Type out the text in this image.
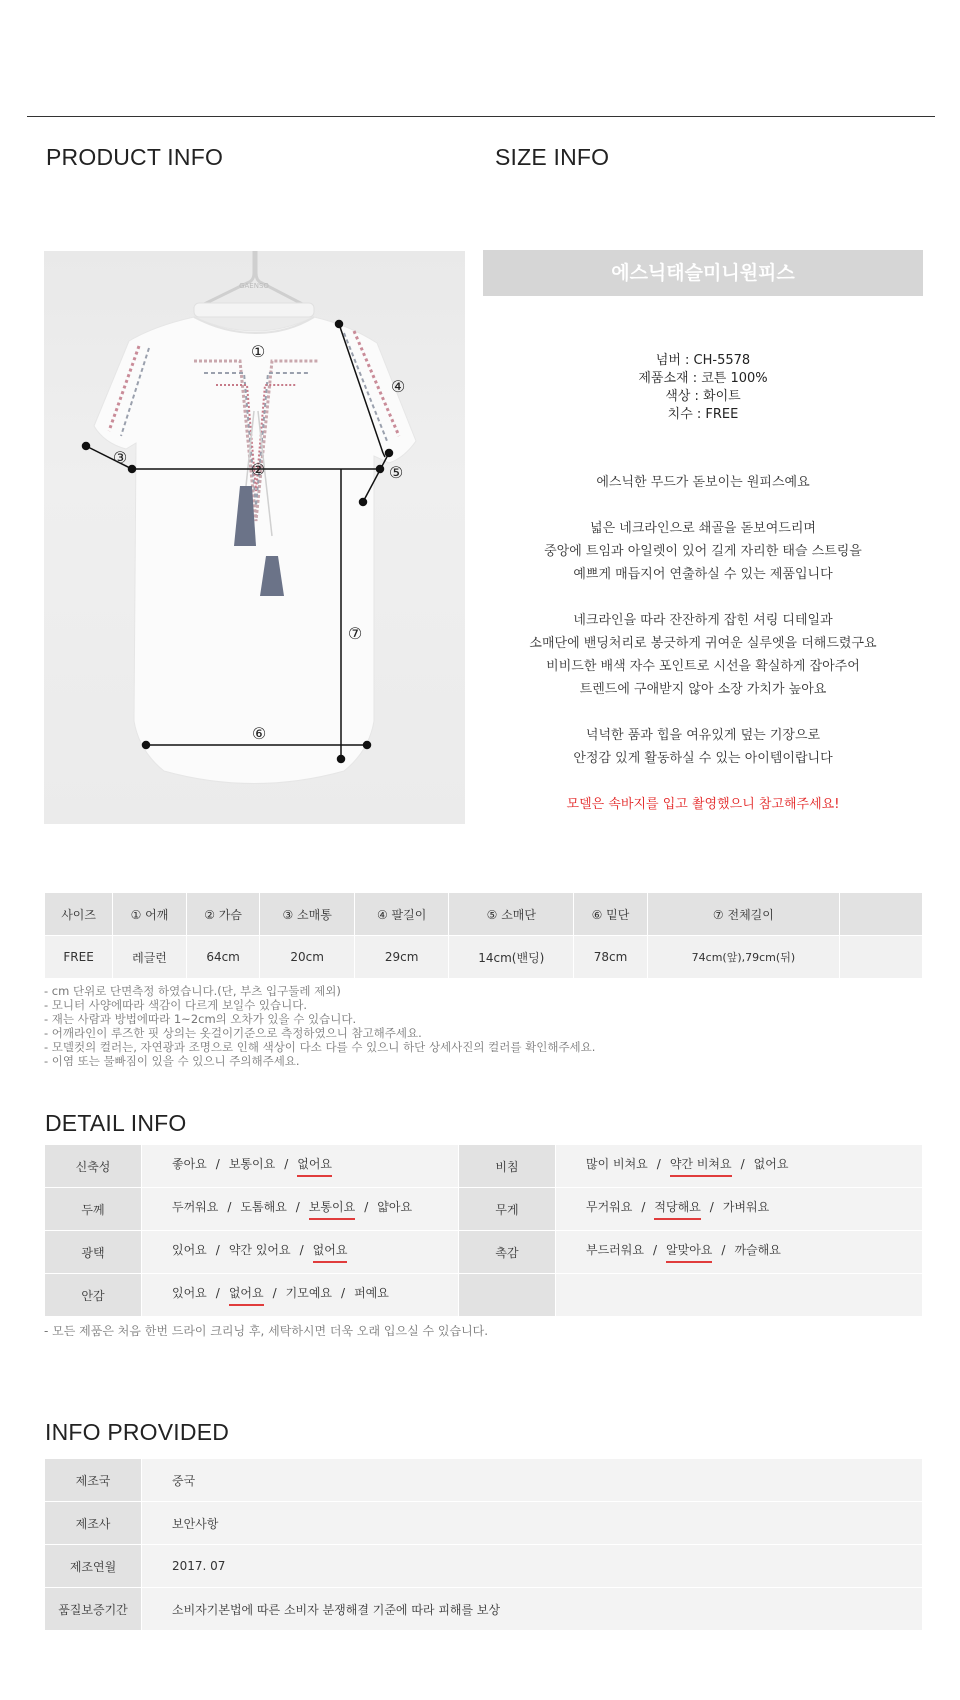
PRODUCT INFO	SIZE INFO
GAENSO
①
②
③
④
⑤
⑥
⑦
에스닉태슬미니원피스
넘버 : CH-5578
제품소재 : 코튼 100%
색상 : 화이트
치수 : FREE
에스닉한 무드가 돋보이는 원피스예요
넓은 네크라인으로 쇄골을 돋보여드리며
중앙에 트임과 아일렛이 있어 길게 자리한 태슬 스트링을
예쁘게 매듭지어 연출하실 수 있는 제품입니다
네크라인을 따라 잔잔하게 잡힌 셔링 디테일과
소매단에 밴딩처리로 봉긋하게 귀여운 실루엣을 더해드렸구요
비비드한 배색 자수 포인트로 시선을 확실하게 잡아주어
트렌드에 구애받지 않아 소장 가치가 높아요
넉넉한 품과 힙을 여유있게 덮는 기장으로
안정감 있게 활동하실 수 있는 아이템이랍니다
모델은 속바지를 입고 촬영했으니 참고해주세요!
사이즈	① 어깨	② 가슴	③ 소매통	④ 팔길이	⑤ 소매단	⑥ 밑단	⑦ 전체길이	
FREE	레글런	64cm	20cm	29cm	14cm(밴딩)	78cm	74cm(앞),79cm(뒤)	
- cm 단위로 단면측정 하였습니다.(단, 부츠 입구둘레 제외)
- 모니터 사양에따라 색감이 다르게 보일수 있습니다.
- 재는 사람과 방법에따라 1~2cm의 오차가 있을 수 있습니다.
- 어깨라인이 루즈한 핏 상의는 옷걸이기준으로 측정하였으니 참고해주세요.
- 모델컷의 컬러는, 자연광과 조명으로 인해 색상이 다소 다를 수 있으니 하단 상세사진의 컬러를 확인해주세요.
- 이염 또는 물빠짐이 있을 수 있으니 주의해주세요.
DETAIL INFO
신축성	좋아요 / 보통이요 / 없어요	비침	많이 비쳐요 / 약간 비쳐요 / 없어요
두께	두꺼워요 / 도톰해요 / 보통이요 / 얇아요	무게	무거워요 / 적당해요 / 가벼워요
광택	있어요 / 약간 있어요 / 없어요	촉감	부드러워요 / 알맞아요 / 까슬해요
안감	있어요 / 없어요 / 기모예요 / 퍼예요		
- 모든 제품은 처음 한번 드라이 크리닝 후, 세탁하시면 더욱 오래 입으실 수 있습니다.
INFO PROVIDED
제조국	중국
제조사	보안사항
제조연월	2017. 07
품질보증기간	소비자기본법에 따른 소비자 분쟁해결 기준에 따라 피해를 보상
